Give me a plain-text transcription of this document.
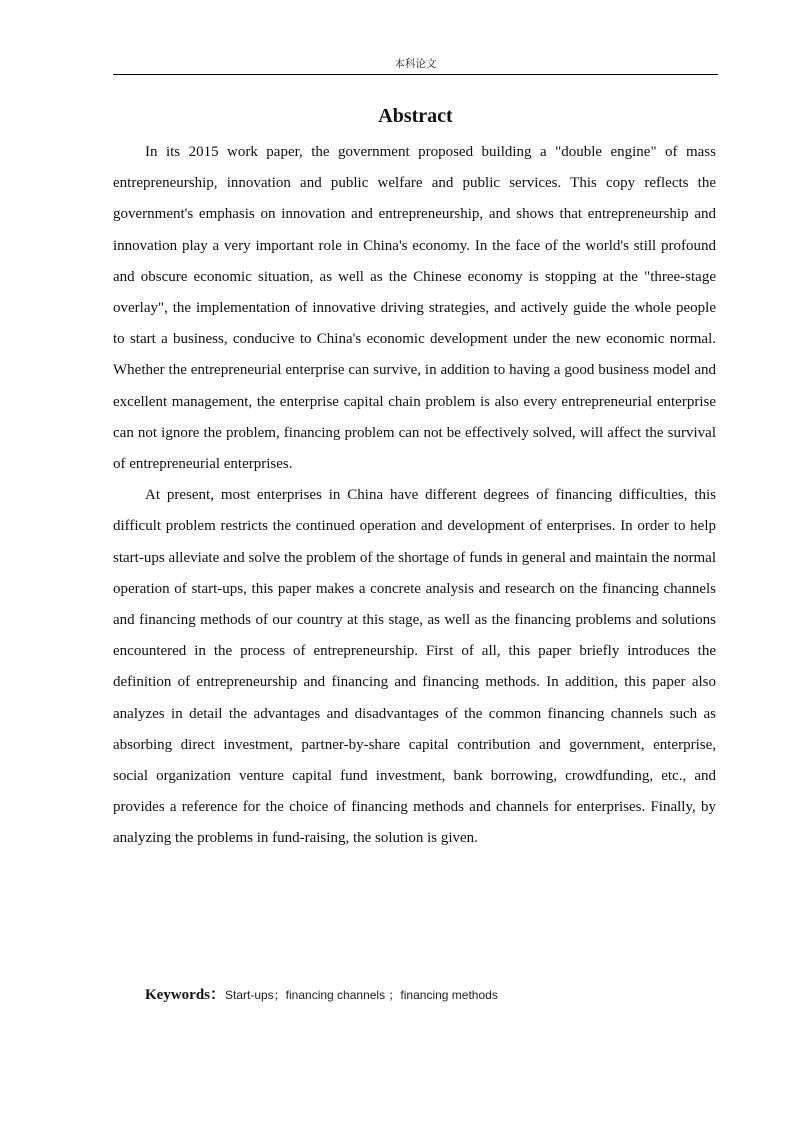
本科论文
Abstract

In its 2015 work paper, the government proposed building a "double engine" of mass entrepreneurship, innovation and public welfare and public services. This copy reflects the government's emphasis on innovation and entrepreneurship, and shows that entrepreneurship and innovation play a very important role in China's economy. In the face of the world's still profound and obscure economic situation, as well as the Chinese economy is stopping at the "three-stage overlay", the implementation of innovative driving strategies, and actively guide the whole people to start a business, conducive to China's economic development under the new economic normal. Whether the entrepreneurial enterprise can survive, in addition to having a good business model and excellent management, the enterprise capital chain problem is also every entrepreneurial enterprise can not ignore the problem, financing problem can not be effectively solved, will affect the survival of entrepreneurial enterprises.

At present, most enterprises in China have different degrees of financing difficulties, this difficult problem restricts the continued operation and development of enterprises. In order to help start-ups alleviate and solve the problem of the shortage of funds in general and maintain the normal operation of start-ups, this paper makes a concrete analysis and research on the financing channels and financing methods of our country at this stage, as well as the financing problems and solutions encountered in the process of entrepreneurship. First of all, this paper briefly introduces the definition of entrepreneurship and financing and financing methods. In addition, this paper also analyzes in detail the advantages and disadvantages of the common financing channels such as absorbing direct investment, partner-by-share capital contribution and government, enterprise, social organization venture capital fund investment, bank borrowing, crowdfunding, etc., and provides a reference for the choice of financing methods and channels for enterprises. Finally, by analyzing the problems in fund-raising, the solution is given.

Keywords：Start-ups；financing channels ；financing methods
